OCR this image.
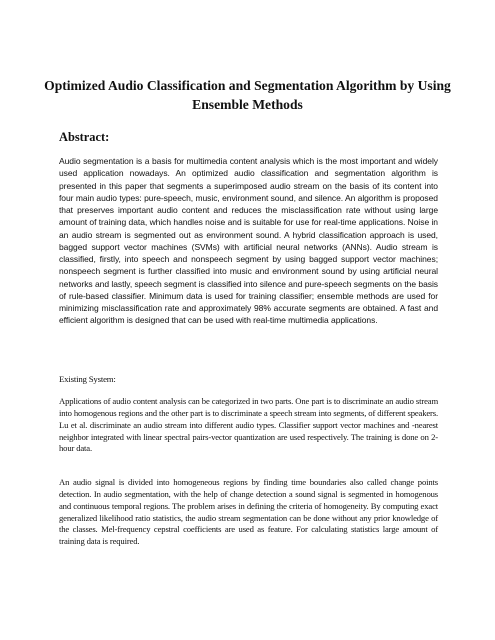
Optimized Audio Classification and Segmentation Algorithm by Using Ensemble Methods
Abstract:

Audio segmentation is a basis for multimedia content analysis which is the most important and widely used application nowadays. An optimized audio classification and segmentation algorithm is presented in this paper that segments a superimposed audio stream on the basis of its content into four main audio types: pure-speech, music, environment sound, and silence. An algorithm is proposed that preserves important audio content and reduces the misclassification rate without using large amount of training data, which handles noise and is suitable for use for real-time applications. Noise in an audio stream is segmented out as environment sound. A hybrid classification approach is used, bagged support vector machines (SVMs) with artificial neural networks (ANNs). Audio stream is classified, firstly, into speech and nonspeech segment by using bagged support vector machines; nonspeech segment is further classified into music and environment sound by using artificial neural networks and lastly, speech segment is classified into silence and pure-speech segments on the basis of rule-based classifier. Minimum data is used for training classifier; ensemble methods are used for minimizing misclassification rate and approximately 98% accurate segments are obtained. A fast and efficient algorithm is designed that can be used with real-time multimedia applications.

Existing System:

Applications of audio content analysis can be categorized in two parts. One part is to discriminate an audio stream into homogenous regions and the other part is to discriminate a speech stream into segments, of different speakers. Lu et al. discriminate an audio stream into different audio types. Classifier support vector machines and -nearest neighbor integrated with linear spectral pairs-vector quantization are used respectively. The training is done on 2-hour data.

An audio signal is divided into homogeneous regions by finding time boundaries also called change points detection. In audio segmentation, with the help of change detection a sound signal is segmented in homogenous and continuous temporal regions. The problem arises in defining the criteria of homogeneity. By computing exact generalized likelihood ratio statistics, the audio stream segmentation can be done without any prior knowledge of the classes. Mel-frequency cepstral coefficients are used as feature. For calculating statistics large amount of training data is required.
